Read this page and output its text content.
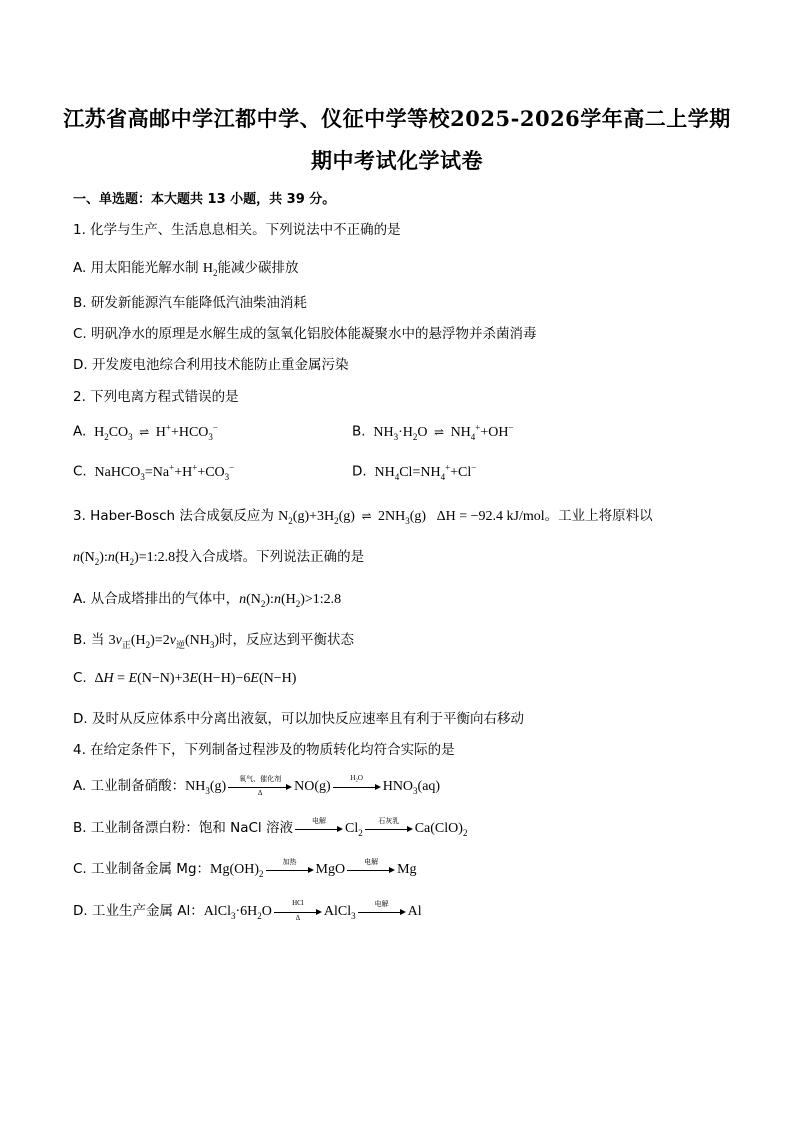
江苏省高邮中学江都中学、仪征中学等校2025-2026学年高二上学期
期中考试化学试卷
一、单选题：本大题共 13 小题，共 39 分。
1. 化学与生产、生活息息相关。下列说法中不正确的是
A. 用太阳能光解水制 $H_2$能减少碳排放
B. 研发新能源汽车能降低汽油柴油消耗
C. 明矾净水的原理是水解生成的氢氧化铝胶体能凝聚水中的悬浮物并杀菌消毒
D. 开发废电池综合利用技术能防止重金属污染
2. 下列电离方程式错误的是
A.  $H_2CO_3$ ⇌ $H^++HCO_3^-$	B.  $NH_3\cdot H_2O$ ⇌ $NH_4^++OH^-$
C.  $NaHCO_3=Na^++H^++CO_3^-$	D.  $NH_4Cl=NH_4^++Cl^-$
3. Haber-Bosch 法合成氨反应为 $N_2(g)+3H_2(g)$ ⇌ $2NH_3(g) \Delta H = -92.4$ kJ/mol。工业上将原料以
$n(N_2):n(H_2)=1:2.8$投入合成塔。下列说法正确的是
A. 从合成塔排出的气体中，$n(N_2):n(H_2)>1:2.8$
B. 当 $3v_正(H_2)=2v_逆(NH_3)$时，反应达到平衡状态
C.  ΔH = E(N−N)+3E(H−H)−6E(N−H)
D. 及时从反应体系中分离出液氨，可以加快反应速率且有利于平衡向右移动
4. 在给定条件下，下列制备过程涉及的物质转化均符合实际的是
A. 工业制备硝酸：$NH_3(g)$
氧气、催化剂
Δ	NO(g)
H₂O
$HNO_3(aq)$
B. 工业制备漂白粉：饱和 NaCl 溶液	电解
$Cl_2$
石灰乳
$Ca(ClO)_2$
C. 工业制备金属 Mg：$Mg(OH)_2$
加热
MgO
电解
Mg
D. 工业生产金属 Al：$AlCl_3\cdot 6H_2O$
HCl
Δ	AlCl$_3$
电解
Al
